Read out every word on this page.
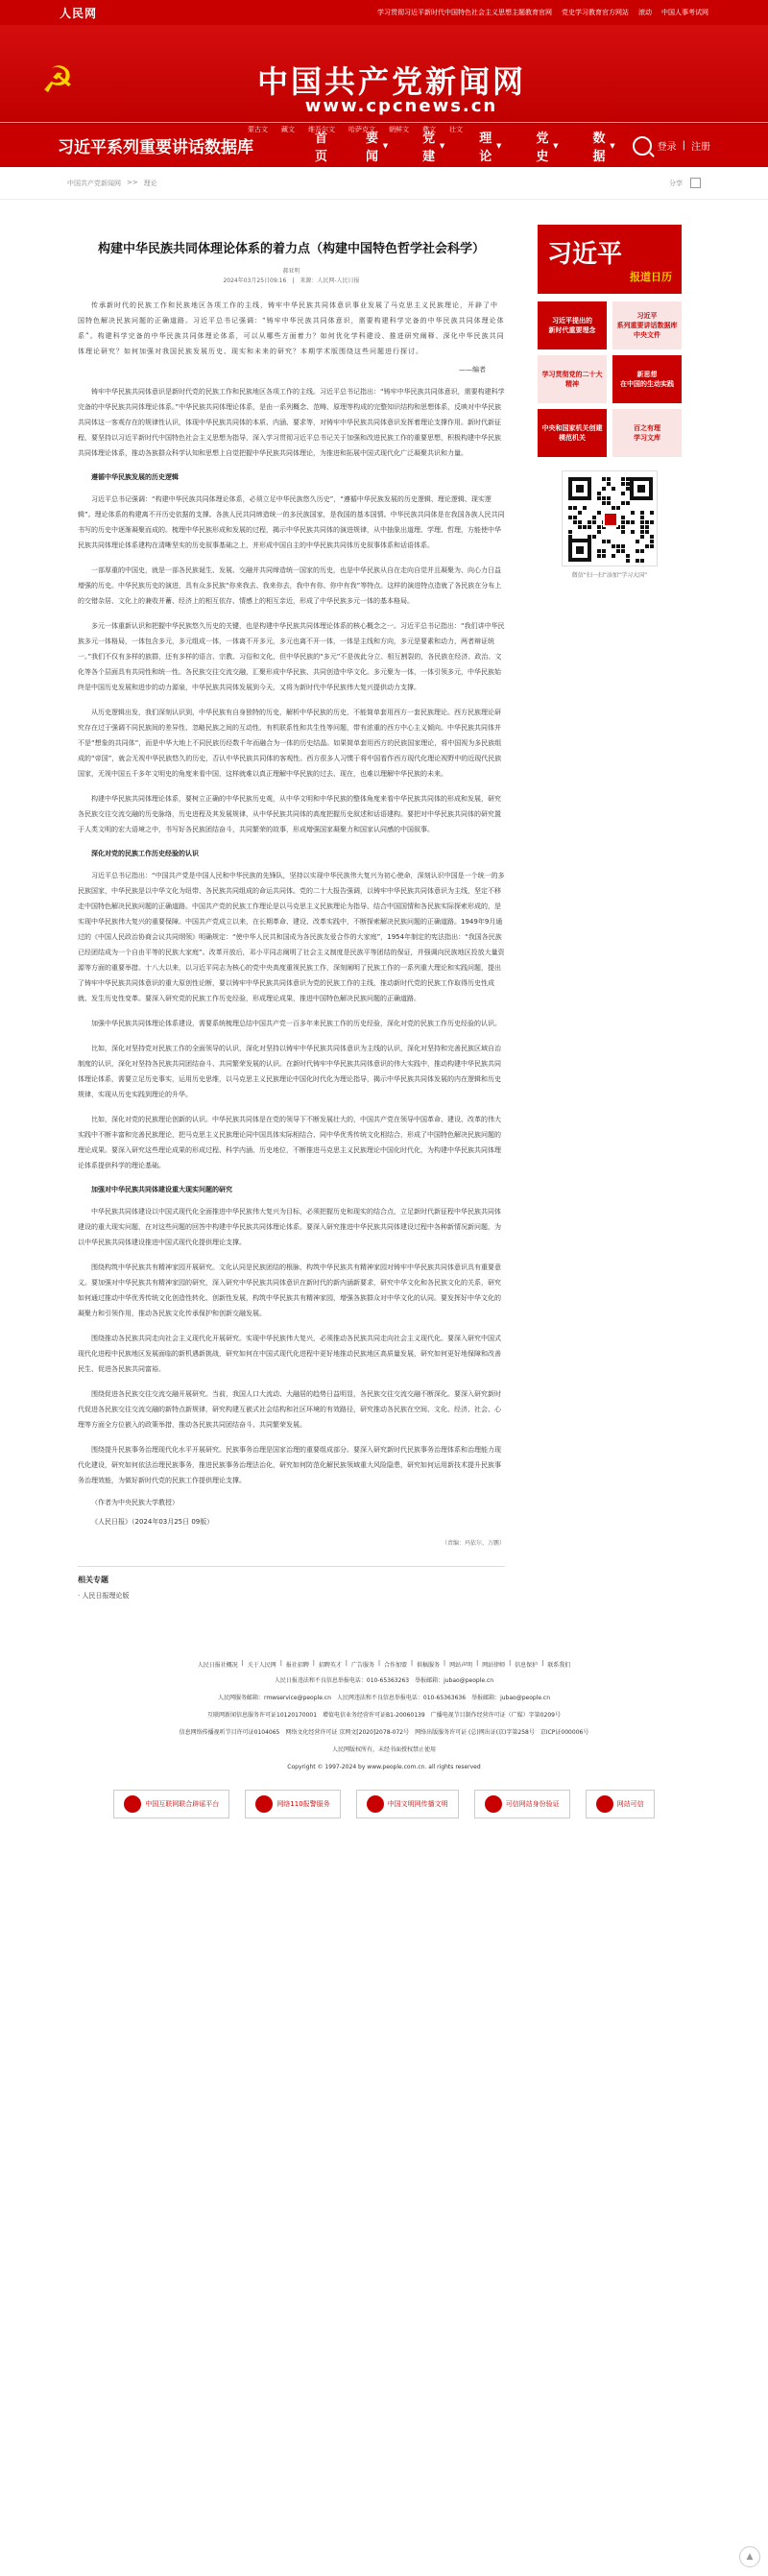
人民网	学习贯彻习近平新时代中国特色社会主义思想主题教育官网 党史学习教育官方网站 滚动 中国人事考试网
☭	中国共产党新闻网
www.cpcnews.cn
蒙古文 藏文 维吾尔文 哈萨克文 朝鲜文 彝文 壮文
习近平系列重要讲话数据库	首页
要闻
▼	党建
▼	理论
▼	党史
▼	数据
▼	登录 | 注册
中国共产党新闻网 >> 理论	分享
构建中华民族共同体理论体系的着力点（构建中国特色哲学社会科学）
郝亚明
2024年03月25日09:16　|　来源：人民网-人民日报

传承新时代的民族工作和民族地区各项工作的主线，铸牢中华民族共同体意识事业发展了马克思主义民族理论，开辟了中国特色解决民族问题的正确道路。习近平总书记强调：“铸牢中华民族共同体意识，需要构建科学完备的中华民族共同体理论体系”。构建科学完备的中华民族共同体理论体系，可以从哪些方面着力？如何优化学科建设、推进研究阐释、深化中华民族共同体理论研究？如何加强对我国民族发展历史、现实和未来的研究？本期学术版围绕这些问题进行探讨。

——编者

铸牢中华民族共同体意识是新时代党的民族工作和民族地区各项工作的主线。习近平总书记指出：“铸牢中华民族共同体意识，需要构建科学完备的中华民族共同体理论体系。”中华民族共同体理论体系，是由一系列概念、范畴、原理等构成的完整知识结构和思想体系，反映对中华民族共同体这一客观存在的规律性认识，体现中华民族共同体的本质、内涵、要求等，对铸牢中华民族共同体意识发挥着理论支撑作用。新时代新征程，要坚持以习近平新时代中国特色社会主义思想为指导，深入学习贯彻习近平总书记关于加强和改进民族工作的重要思想，积极构建中华民族共同体理论体系，推动各族群众科学认知和思想上自觉把握中华民族共同体理论，为推进和拓展中国式现代化广泛凝聚共识和力量。

遵循中华民族发展的历史逻辑

习近平总书记强调：“构建中华民族共同体理论体系，必须立足中华民族悠久历史”，“遵循中华民族发展的历史逻辑、理论逻辑、现实逻辑”。理论体系的构建离不开历史依据的支撑。各族人民共同缔造统一的多民族国家，是我国的基本国情。中华民族共同体是在我国各族人民共同书写的历史中逐渐凝聚而成的。梳理中华民族形成和发展的过程，揭示中华民族共同体的演进规律，从中抽象出道理、学理、哲理，方能使中华民族共同体理论体系建构在清晰坚实的历史叙事基础之上，并形成中国自主的中华民族共同体历史叙事体系和话语体系。

一部厚重的中国史，就是一部各民族诞生、发展、交融并共同缔造统一国家的历史，也是中华民族从自在走向自觉并且凝聚为、向心力日益增强的历史。中华民族历史的演进，具有众多民族“你来我去、我来你去，我中有你、你中有我”等特点。这样的演进特点造就了各民族在分布上的交错杂居、文化上的兼收并蓄、经济上的相互依存、情感上的相互亲近，形成了中华民族多元一体的基本格局。

多元一体重新认识和把握中华民族悠久历史的关键，也是构建中华民族共同体理论体系的核心概念之一。习近平总书记指出：“我们讲中华民族多元一体格局，一体包含多元，多元组成一体，一体离不开多元，多元也离不开一体，一体是主线和方向，多元是要素和动力，两者辩证统一。”我们不仅有多样的族群，还有多样的语言、宗教、习俗和文化，但中华民族的“多元”不是彼此分立、相互割裂的，各民族在经济、政治、文化等各个层面具有共同性和统一性。各民族交往交流交融，汇聚形成中华民族、共同创造中华文化。多元聚为一体，一体引领多元，中华民族始终是中国历史发展和进步的动力源泉，中华民族共同体发展到今天，又将为新时代中华民族伟大复兴提供动力支撑。

从历史逻辑出发，我们深刻认识到，中华民族有自身独特的历史，解析中华民族的历史，不能简单套用西方一套民族理论。西方民族理论研究存在过于强调不同民族间的差异性、忽略民族之间的互动性、有机联系性和共生性等问题，带有浓重的西方中心主义倾向。中华民族共同体并不是“想象的共同体”，而是中华大地上不同民族历经数千年而融合为一体的历史结晶。如果简单套用西方的民族国家理论，将中国视为多民族组成的“帝国”，就会无视中华民族悠久的历史，否认中华民族共同体的客观性。西方很多人习惯于将中国看作西方现代化理论视野中的近现代民族国家，无视中国五千多年文明史的角度来看中国，这样就难以真正理解中华民族的过去、现在，也难以理解中华民族的未来。

构建中华民族共同体理论体系，要树立正确的中华民族历史观，从中华文明和中华民族的整体角度来看中华民族共同体的形成和发展，研究各民族交往交流交融的历史脉络，历史进程及其发展规律，从中华民族共同体的高度把握历史叙述和话语建构。要把对中华民族共同体的研究置于人类文明的宏大语境之中，书写好各民族团结奋斗，共同繁荣的故事，形成增强国家凝聚力和国家认同感的中国叙事。

深化对党的民族工作历史经验的认识

习近平总书记指出：“中国共产党是中国人民和中华民族的先锋队，坚持以实现中华民族伟大复兴为初心使命，深刻认识中国是一个统一的多民族国家，中华民族是以中华文化为纽带、各民族共同组成的命运共同体。党的二十大报告强调，以铸牢中华民族共同体意识为主线，坚定不移走中国特色解决民族问题的正确道路。中国共产党的民族工作理论是以马克思主义民族理论为指导、结合中国国情和各民族实际探索形成的，是实现中华民族伟大复兴的重要保障。中国共产党成立以来，在长期革命、建设、改革实践中，不断探索解决民族问题的正确道路。1949年9月通过的《中国人民政治协商会议共同纲领》明确规定：“使中华人民共和国成为各民族友爱合作的大家庭”，1954年制定的宪法指出：“我国各民族已经团结成为一个自由平等的民族大家庭”。改革开放后，邓小平同志阐明了社会主义制度是民族平等团结的保证，并强调向民族地区投放大量资源等方面的重要举措。十八大以来，以习近平同志为核心的党中央高度重视民族工作，深刻阐明了民族工作的一系列重大理论和实践问题，提出了铸牢中华民族共同体意识的重大原创性论断，要以铸牢中华民族共同体意识为党的民族工作的主线，推动新时代党的民族工作取得历史性成就、发生历史性变革。要深入研究党的民族工作历史经验，形成理论成果，推进中国特色解决民族问题的正确道路。

加强中华民族共同体理论体系建设，需要系统梳理总结中国共产党一百多年来民族工作的历史经验，深化对党的民族工作历史经验的认识。

比如，深化对坚持党对民族工作的全面领导的认识，深化对坚持以铸牢中华民族共同体意识为主线的认识，深化对坚持和完善民族区域自治制度的认识，深化对坚持各民族共同团结奋斗、共同繁荣发展的认识。在新时代铸牢中华民族共同体意识的伟大实践中，推动构建中华民族共同体理论体系，需要立足历史事实，运用历史思维，以马克思主义民族理论中国化时代化为理论指导，揭示中华民族共同体发展的内在逻辑和历史规律，实现从历史实践到理论的升华。

比如，深化对党的民族理论创新的认识。中华民族共同体是在党的领导下不断发展壮大的，中国共产党在领导中国革命、建设、改革的伟大实践中不断丰富和完善民族理论，把马克思主义民族理论同中国具体实际相结合、同中华优秀传统文化相结合，形成了中国特色解决民族问题的理论成果。要深入研究这些理论成果的形成过程、科学内涵、历史地位，不断推进马克思主义民族理论中国化时代化，为构建中华民族共同体理论体系提供科学的理论基础。

加强对中华民族共同体建设重大现实问题的研究

中华民族共同体建设以中国式现代化全面推进中华民族伟大复兴为目标，必须把握历史和现实的结合点，立足新时代新征程中华民族共同体建设的重大现实问题，在对这些问题的回答中构建中华民族共同体理论体系。要深入研究推进中华民族共同体建设过程中各种新情况新问题，为以中华民族共同体建设推进中国式现代化提供理论支撑。

围绕构筑中华民族共有精神家园开展研究。文化认同是民族团结的根脉，构筑中华民族共有精神家园对铸牢中华民族共同体意识具有重要意义。要加强对中华民族共有精神家园的研究，深入研究中华民族共同体意识在新时代的新内涵新要求，研究中华文化和各民族文化的关系，研究如何通过推动中华优秀传统文化创造性转化、创新性发展，构筑中华民族共有精神家园，增强各族群众对中华文化的认同。要发挥好中华文化的凝聚力和引领作用，推动各民族文化传承保护和创新交融发展。

围绕推动各民族共同走向社会主义现代化开展研究。实现中华民族伟大复兴，必须推动各民族共同走向社会主义现代化。要深入研究中国式现代化进程中民族地区发展面临的新机遇新挑战，研究如何在中国式现代化进程中更好地推动民族地区高质量发展，研究如何更好地保障和改善民生、促进各民族共同富裕。

围绕促进各民族交往交流交融开展研究。当前，我国人口大流动、大融居的趋势日益明显，各民族交往交流交融不断深化。要深入研究新时代促进各民族交往交流交融的新特点新规律，研究构建互嵌式社会结构和社区环境的有效路径，研究推动各民族在空间、文化、经济、社会、心理等方面全方位嵌入的政策举措，推动各民族共同团结奋斗、共同繁荣发展。

围绕提升民族事务治理现代化水平开展研究。民族事务治理是国家治理的重要组成部分。要深入研究新时代民族事务治理体系和治理能力现代化建设，研究如何依法治理民族事务，推进民族事务治理法治化，研究如何防范化解民族领域重大风险隐患，研究如何运用新技术提升民族事务治理效能，为做好新时代党的民族工作提供理论支撑。

（作者为中央民族大学教授）
《人民日报》（2024年03月25日 09版）
（责编：玛依尔、万鹏）
相关专题
· 人民日报理论版
习近平
报道日历
习近平提出的
新时代重要理念
习近平
系列重要讲话数据库
中央文件
学习贯彻党的二十大精神
新思想
在中国的生动实践
中央和国家机关创建模范机关
百之有理
学习文库
微信“扫一扫”添加“学习大国”
人民日报社概况 | 关于人民网 | 报社招聘 | 招聘英才 | 广告服务 | 合作加盟 | 供稿服务 | 网站声明 | 网站律师 | 信息保护 | 联系我们
人民日报违法和不良信息举报电话：010-65363263　举报邮箱：jubao@people.cn
人民网服务邮箱：rmwservice@people.cn　人民网违法和不良信息举报电话：010-65363636　举报邮箱：jubao@people.cn
互联网新闻信息服务许可证10120170001　增值电信业务经营许可证B1-20060139　广播电视节目制作经营许可证（广媒）字第0209号
信息网络传播视听节目许可证0104065　网络文化经营许可证 京网文[2020]2078-072号　网络出版服务许可证 (总)网出证(京)字第258号　京ICP证000006号
人民网版权所有，未经书面授权禁止使用
Copyright © 1997-2024 by www.people.com.cn. all rights reserved
中国互联网联合辟谣平台	网络110报警服务	中国文明网传播文明	可信网站身份验证	网站可信
▲
